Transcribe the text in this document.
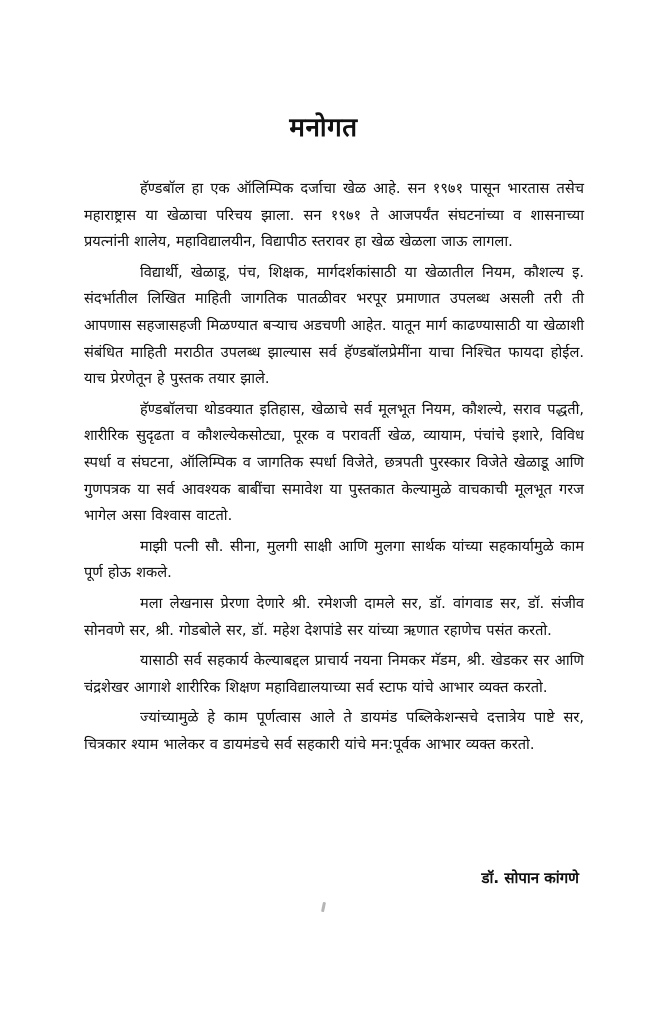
मनोगत

हॅण्डबॉल हा एक ऑलिम्पिक दर्जाचा खेळ आहे. सन १९७१ पासून भारतास तसेच महाराष्ट्रास या खेळाचा परिचय झाला. सन १९७१ ते आजपर्यंत संघटनांच्या व शासनाच्या प्रयत्नांनी शालेय, महाविद्यालयीन, विद्यापीठ स्तरावर हा खेळ खेळला जाऊ लागला.

विद्यार्थी, खेळाडू, पंच, शिक्षक, मार्गदर्शकांसाठी या खेळातील नियम, कौशल्य इ. संदर्भातील लिखित माहिती जागतिक पातळीवर भरपूर प्रमाणात उपलब्ध असली तरी ती आपणास सहजासहजी मिळण्यात बऱ्याच अडचणी आहेत. यातून मार्ग काढण्यासाठी या खेळाशी संबंधित माहिती मराठीत उपलब्ध झाल्यास सर्व हॅण्डबॉलप्रेमींना याचा निश्चित फायदा होईल. याच प्रेरणेतून हे पुस्तक तयार झाले.

हॅण्डबॉलचा थोडक्यात इतिहास, खेळाचे सर्व मूलभूत नियम, कौशल्ये, सराव पद्धती, शारीरिक सुदृढता व कौशल्येकसोट्या, पूरक व परावर्ती खेळ, व्यायाम, पंचांचे इशारे, विविध स्पर्धा व संघटना, ऑलिम्पिक व जागतिक स्पर्धा विजेते, छत्रपती पुरस्कार विजेते खेळाडू आणि गुणपत्रक या सर्व आवश्यक बाबींचा समावेश या पुस्तकात केल्यामुळे वाचकाची मूलभूत गरज भागेल असा विश्वास वाटतो.

माझी पत्नी सौ. सीना, मुलगी साक्षी आणि मुलगा सार्थक यांच्या सहकार्यामुळे काम पूर्ण होऊ शकले.

मला लेखनास प्रेरणा देणारे श्री. रमेशजी दामले सर, डॉ. वांगवाड सर, डॉ. संजीव सोनवणे सर, श्री. गोडबोले सर, डॉ. महेश देशपांडे सर यांच्या ऋणात रहाणेच पसंत करतो.

यासाठी सर्व सहकार्य केल्याबद्दल प्राचार्य नयना निमकर मॅडम, श्री. खेडकर सर आणि चंद्रशेखर आगाशे शारीरिक शिक्षण महाविद्यालयाच्या सर्व स्टाफ यांचे आभार व्यक्त करतो.

ज्यांच्यामुळे हे काम पूर्णत्वास आले ते डायमंड पब्लिकेशन्सचे दत्तात्रेय पाष्टे सर, चित्रकार श्याम भालेकर व डायमंडचे सर्व सहकारी यांचे मन:पूर्वक आभार व्यक्त करतो.

डॉ. सोपान कांगणे
